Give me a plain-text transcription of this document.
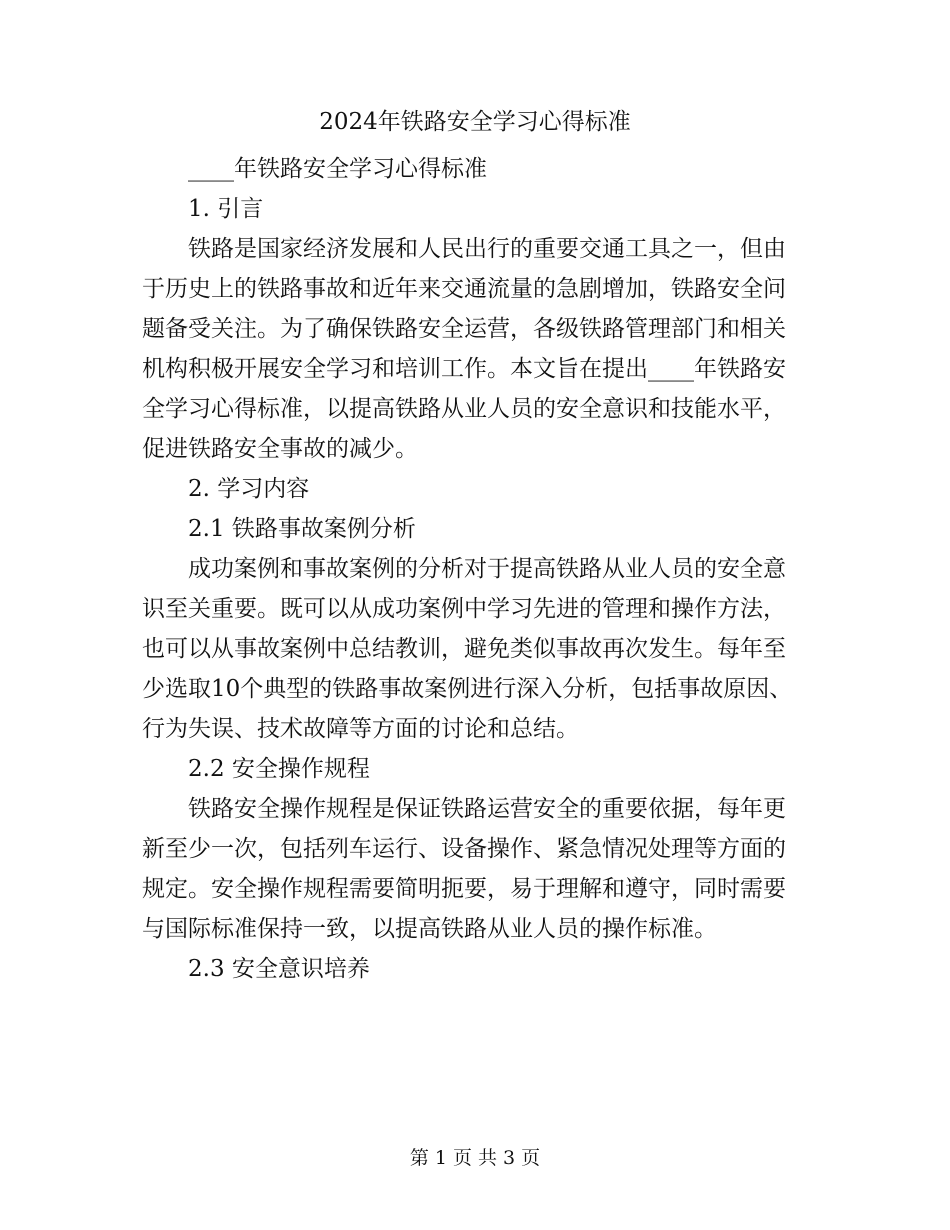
2024年铁路安全学习心得标准

____年铁路安全学习心得标准

1. 引言

铁路是国家经济发展和人民出行的重要交通工具之一，但由

于历史上的铁路事故和近年来交通流量的急剧增加，铁路安全问

题备受关注。为了确保铁路安全运营，各级铁路管理部门和相关

机构积极开展安全学习和培训工作。本文旨在提出____年铁路安

全学习心得标准，以提高铁路从业人员的安全意识和技能水平，

促进铁路安全事故的减少。

2. 学习内容

2.1 铁路事故案例分析

成功案例和事故案例的分析对于提高铁路从业人员的安全意

识至关重要。既可以从成功案例中学习先进的管理和操作方法，

也可以从事故案例中总结教训，避免类似事故再次发生。每年至

少选取10个典型的铁路事故案例进行深入分析，包括事故原因、

行为失误、技术故障等方面的讨论和总结。

2.2 安全操作规程

铁路安全操作规程是保证铁路运营安全的重要依据，每年更

新至少一次，包括列车运行、设备操作、紧急情况处理等方面的

规定。安全操作规程需要简明扼要，易于理解和遵守，同时需要

与国际标准保持一致，以提高铁路从业人员的操作标准。

2.3 安全意识培养

第 1 页 共 3 页
